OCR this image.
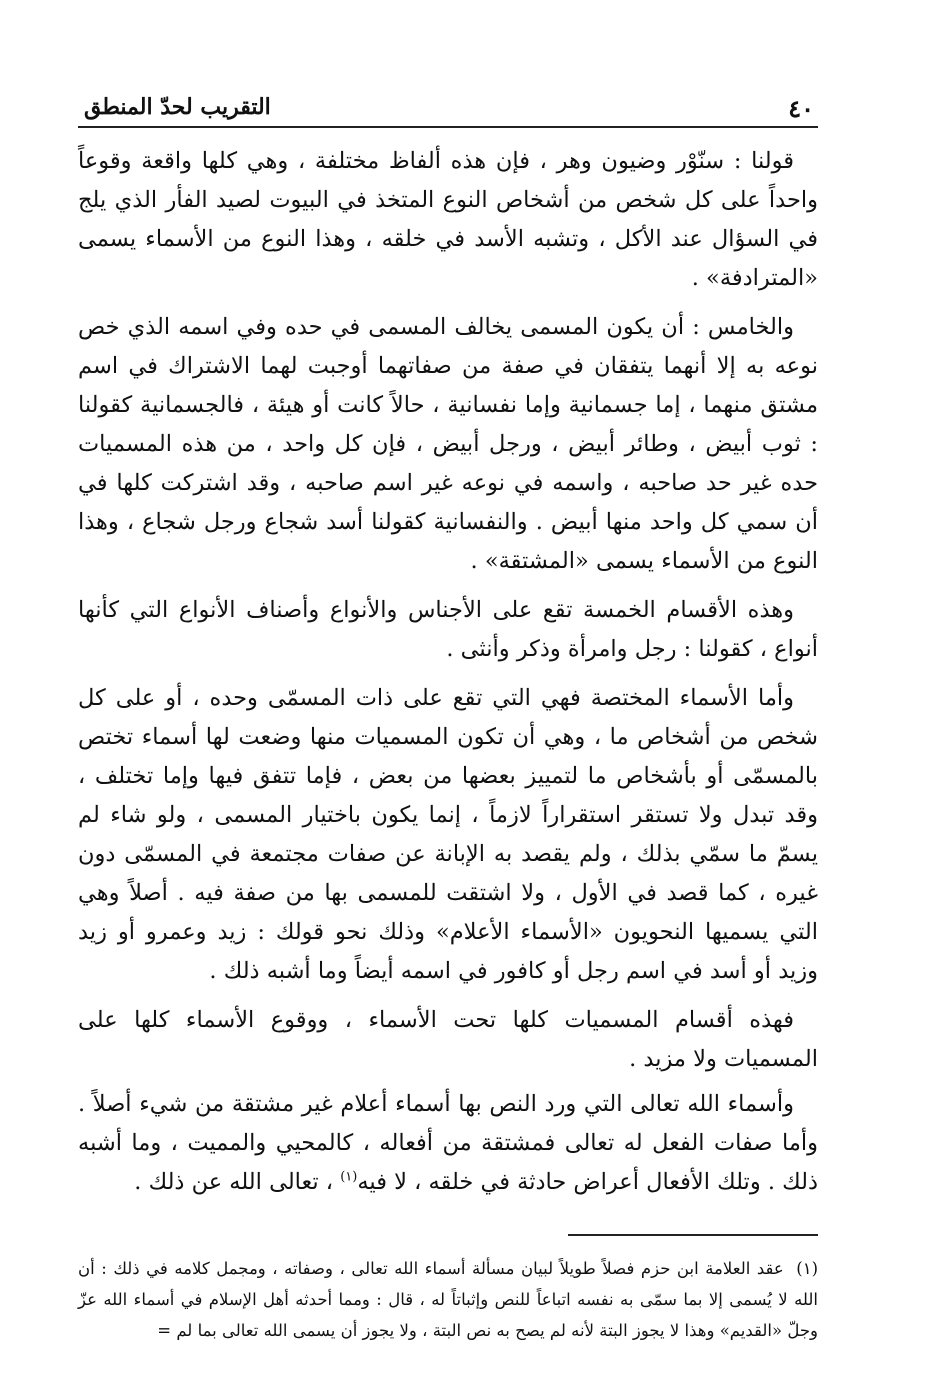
٤٠
التقريب لحدّ المنطق

قولنا : سنّوْر وضيون وهر ، فإن هذه ألفاظ مختلفة ، وهي كلها واقعة وقوعاً واحداً على كل شخص من أشخاص النوع المتخذ في البيوت لصيد الفأر الذي يلج في السؤال عند الأكل ، وتشبه الأسد في خلقه ، وهذا النوع من الأسماء يسمى «المترادفة» .

والخامس : أن يكون المسمى يخالف المسمى في حده وفي اسمه الذي خص نوعه به إلا أنهما يتفقان في صفة من صفاتهما أوجبت لهما الاشتراك في اسم مشتق منهما ، إما جسمانية وإما نفسانية ، حالاً كانت أو هيئة ، فالجسمانية كقولنا : ثوب أبيض ، وطائر أبيض ، ورجل أبيض ، فإن كل واحد ، من هذه المسميات حده غير حد صاحبه ، واسمه في نوعه غير اسم صاحبه ، وقد اشتركت كلها في أن سمي كل واحد منها أبيض . والنفسانية كقولنا أسد شجاع ورجل شجاع ، وهذا النوع من الأسماء يسمى «المشتقة» .

وهذه الأقسام الخمسة تقع على الأجناس والأنواع وأصناف الأنواع التي كأنها أنواع ، كقولنا : رجل وامرأة وذكر وأنثى .

وأما الأسماء المختصة فهي التي تقع على ذات المسمّى وحده ، أو على كل شخص من أشخاص ما ، وهي أن تكون المسميات منها وضعت لها أسماء تختص بالمسمّى أو بأشخاص ما لتمييز بعضها من بعض ، فإما تتفق فيها وإما تختلف ، وقد تبدل ولا تستقر استقراراً لازماً ، إنما يكون باختيار المسمى ، ولو شاء لم يسمّ ما سمّي بذلك ، ولم يقصد به الإبانة عن صفات مجتمعة في المسمّى دون غيره ، كما قصد في الأول ، ولا اشتقت للمسمى بها من صفة فيه . أصلاً وهي التي يسميها النحويون «الأسماء الأعلام» وذلك نحو قولك : زيد وعمرو أو زيد وزيد أو أسد في اسم رجل أو كافور في اسمه أيضاً وما أشبه ذلك .

فهذه أقسام المسميات كلها تحت الأسماء ، ووقوع الأسماء كلها على المسميات ولا مزيد .

وأسماء الله تعالى التي ورد النص بها أسماء أعلام غير مشتقة من شيء أصلاً . وأما صفات الفعل له تعالى فمشتقة من أفعاله ، كالمحيي والمميت ، وما أشبه ذلك . وتلك الأفعال أعراض حادثة في خلقه ، لا فيه$^{(١)}$ ، تعالى الله عن ذلك .

(١) عقد العلامة ابن حزم فصلاً طويلاً لبيان مسألة أسماء الله تعالى ، وصفاته ، ومجمل كلامه في ذلك : أن الله لا يُسمى إلا بما سمّى به نفسه اتباعاً للنص وإثباتاً له ، قال : ومما أحدثه أهل الإسلام في أسماء الله عزّ وجلّ «القديم» وهذا لا يجوز البتة لأنه لم يصح به نص البتة ، ولا يجوز أن يسمى الله تعالى بما لم =
